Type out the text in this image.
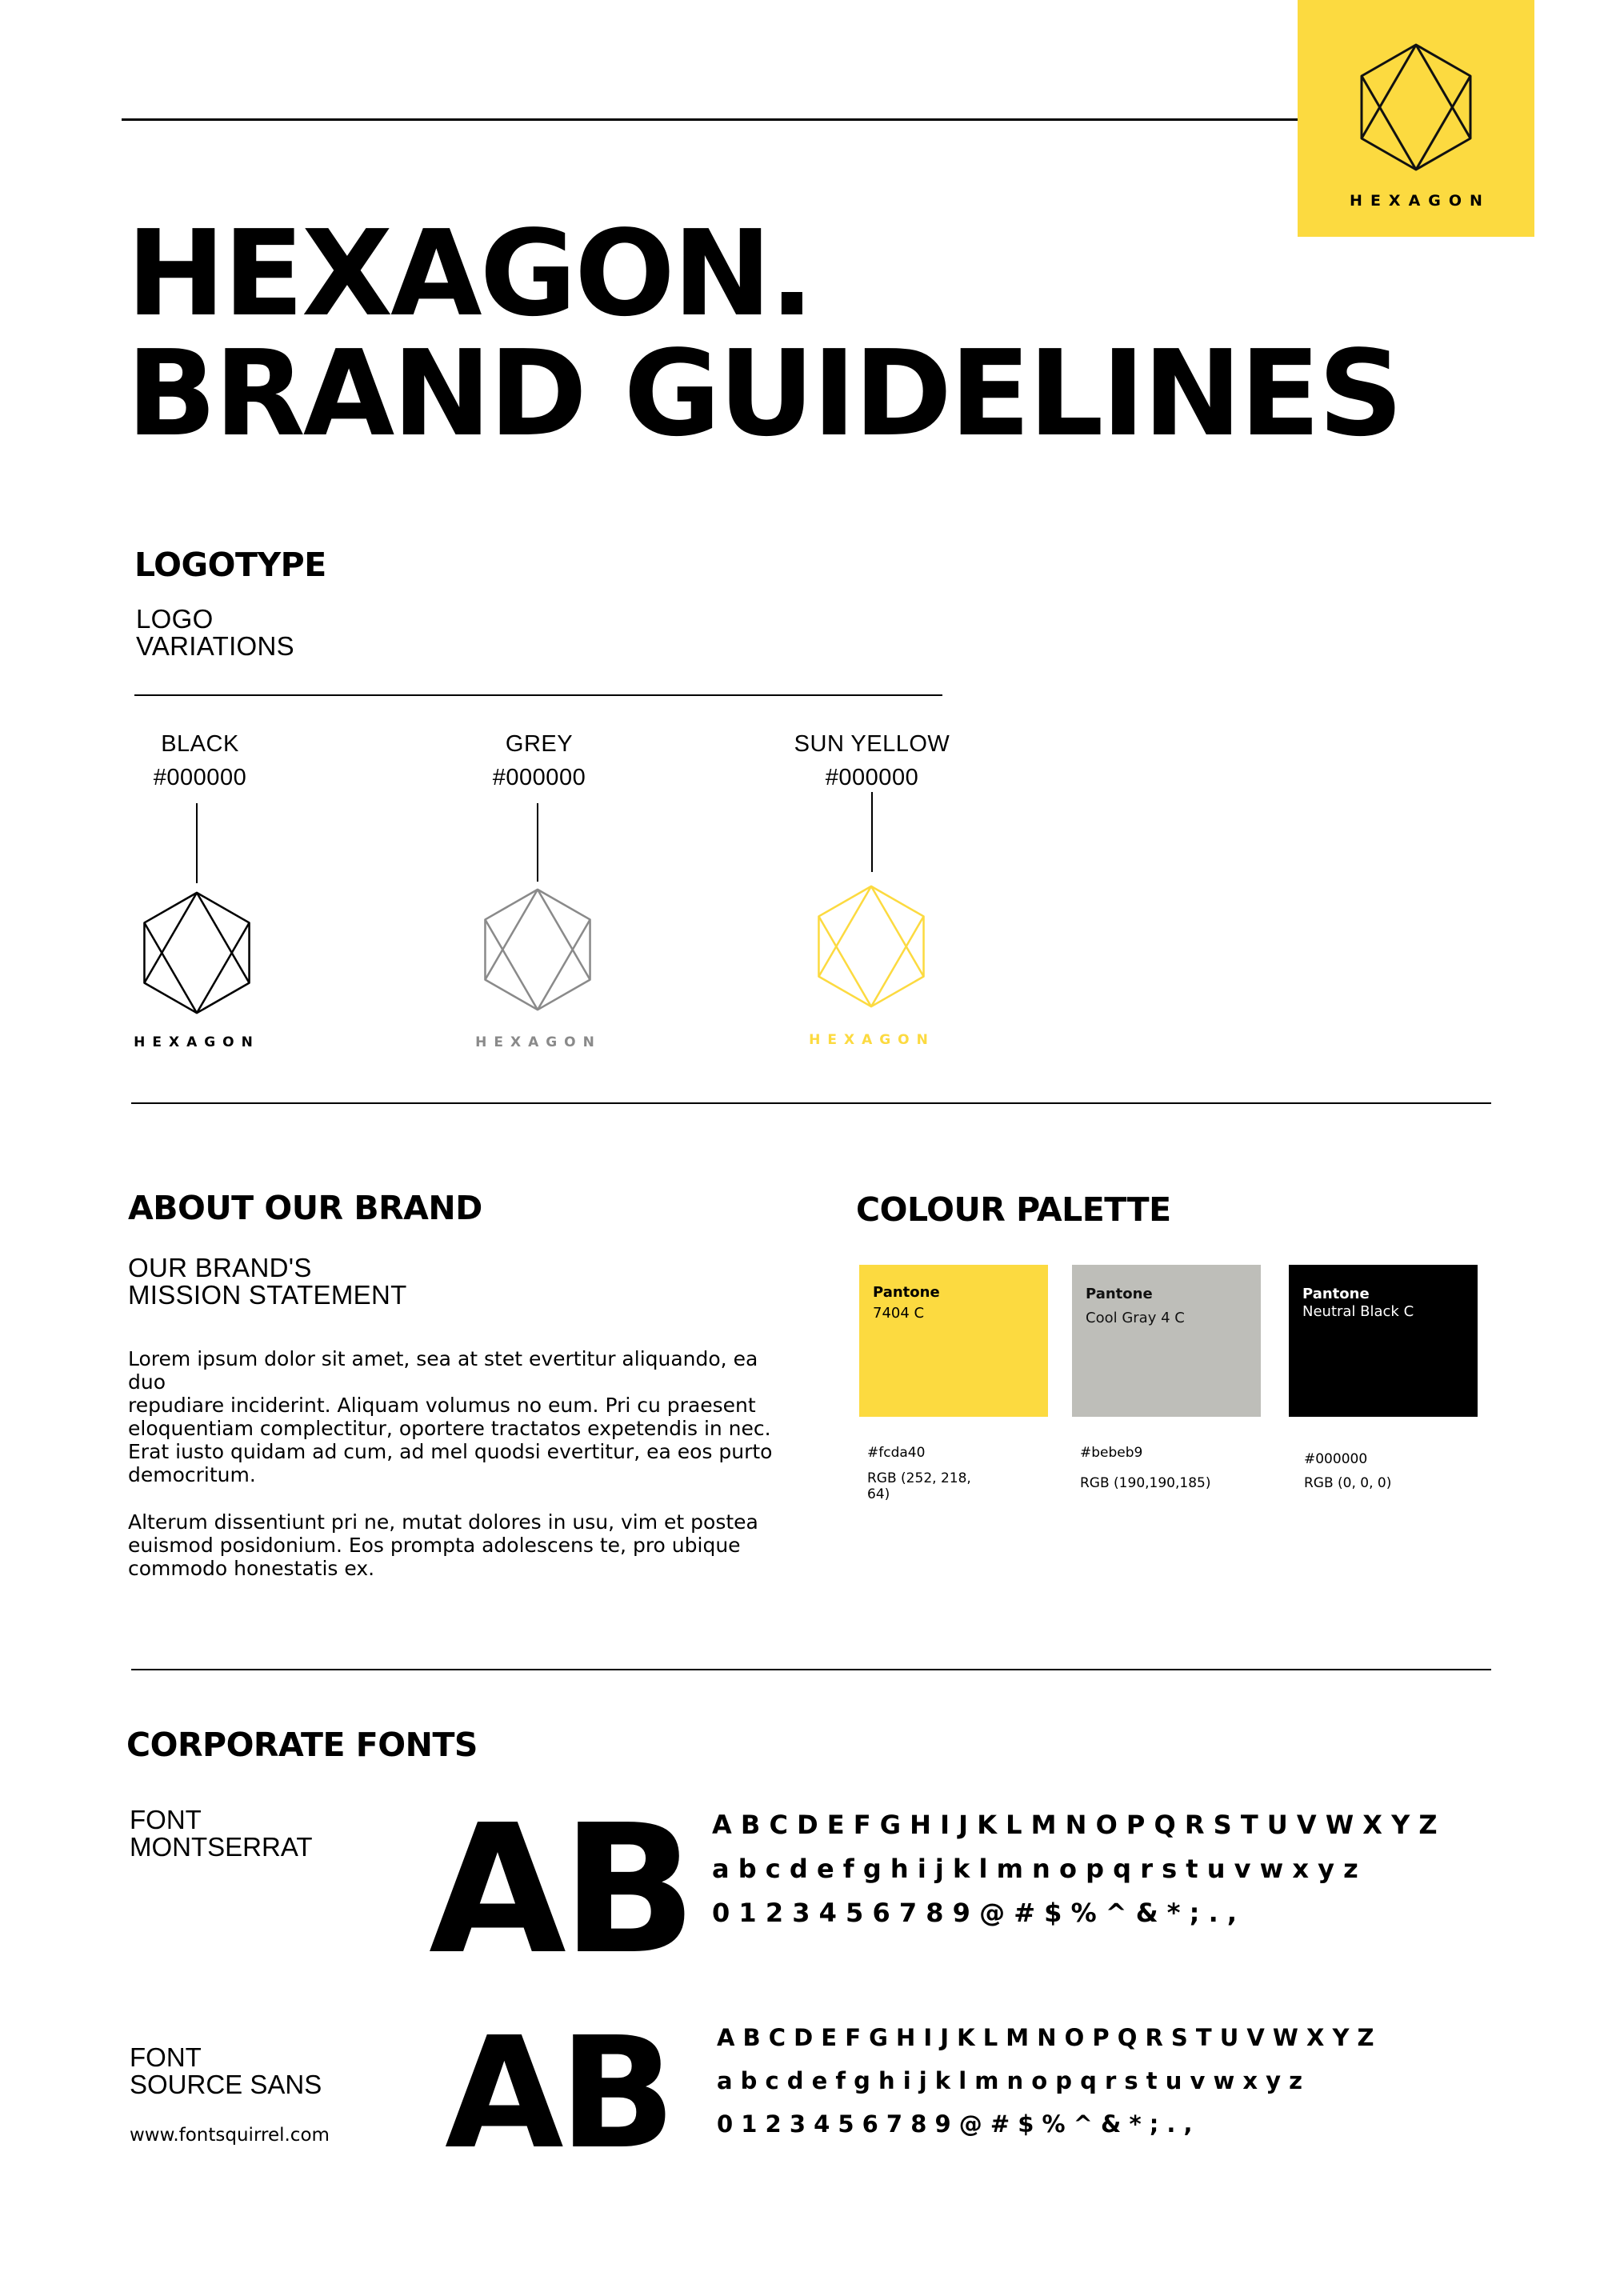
HEXAGON
HEXAGON.
BRAND GUIDELINES
LOGOTYPE
LOGO
VARIATIONS
BLACK
#000000
HEXAGON
GREY
#000000
HEXAGON
SUN YELLOW
#000000
HEXAGON
ABOUT OUR BRAND
OUR BRAND'S
MISSION STATEMENT

Lorem ipsum dolor sit amet, sea at stet evertitur aliquando, ea duo
repudiare inciderint. Aliquam volumus no eum. Pri cu praesent
eloquentiam complectitur, oportere tractatos expetendis in nec.
Erat iusto quidam ad cum, ad mel quodsi evertitur, ea eos purto
democritum.

Alterum dissentiunt pri ne, mutat dolores in usu, vim et postea
euismod posidonium. Eos prompta adolescens te, pro ubique
commodo honestatis ex.

COLOUR PALETTE
Pantone
7404 C
Pantone
Cool Gray 4 C
Pantone
Neutral Black C
#fcda40
RGB (252, 218,
64)
#bebeb9
RGB (190,190,185)
#000000
RGB (0, 0, 0)
CORPORATE FONTS
FONT
MONTSERRAT AB A B C D E F G H I J K L M N O P Q R S T U V W X Y Z
a b c d e f g h i j k l m n o p q r s t u v w x y z
0 1 2 3 4 5 6 7 8 9 @ # $ % ^ & * ; . ,
FONT
SOURCE SANS
www.fontsquirrel.com AB A B C D E F G H I J K L M N O P Q R S T U V W X Y Z
a b c d e f g h i j k l m n o p q r s t u v w x y z
0 1 2 3 4 5 6 7 8 9 @ # $ % ^ & * ; . ,
